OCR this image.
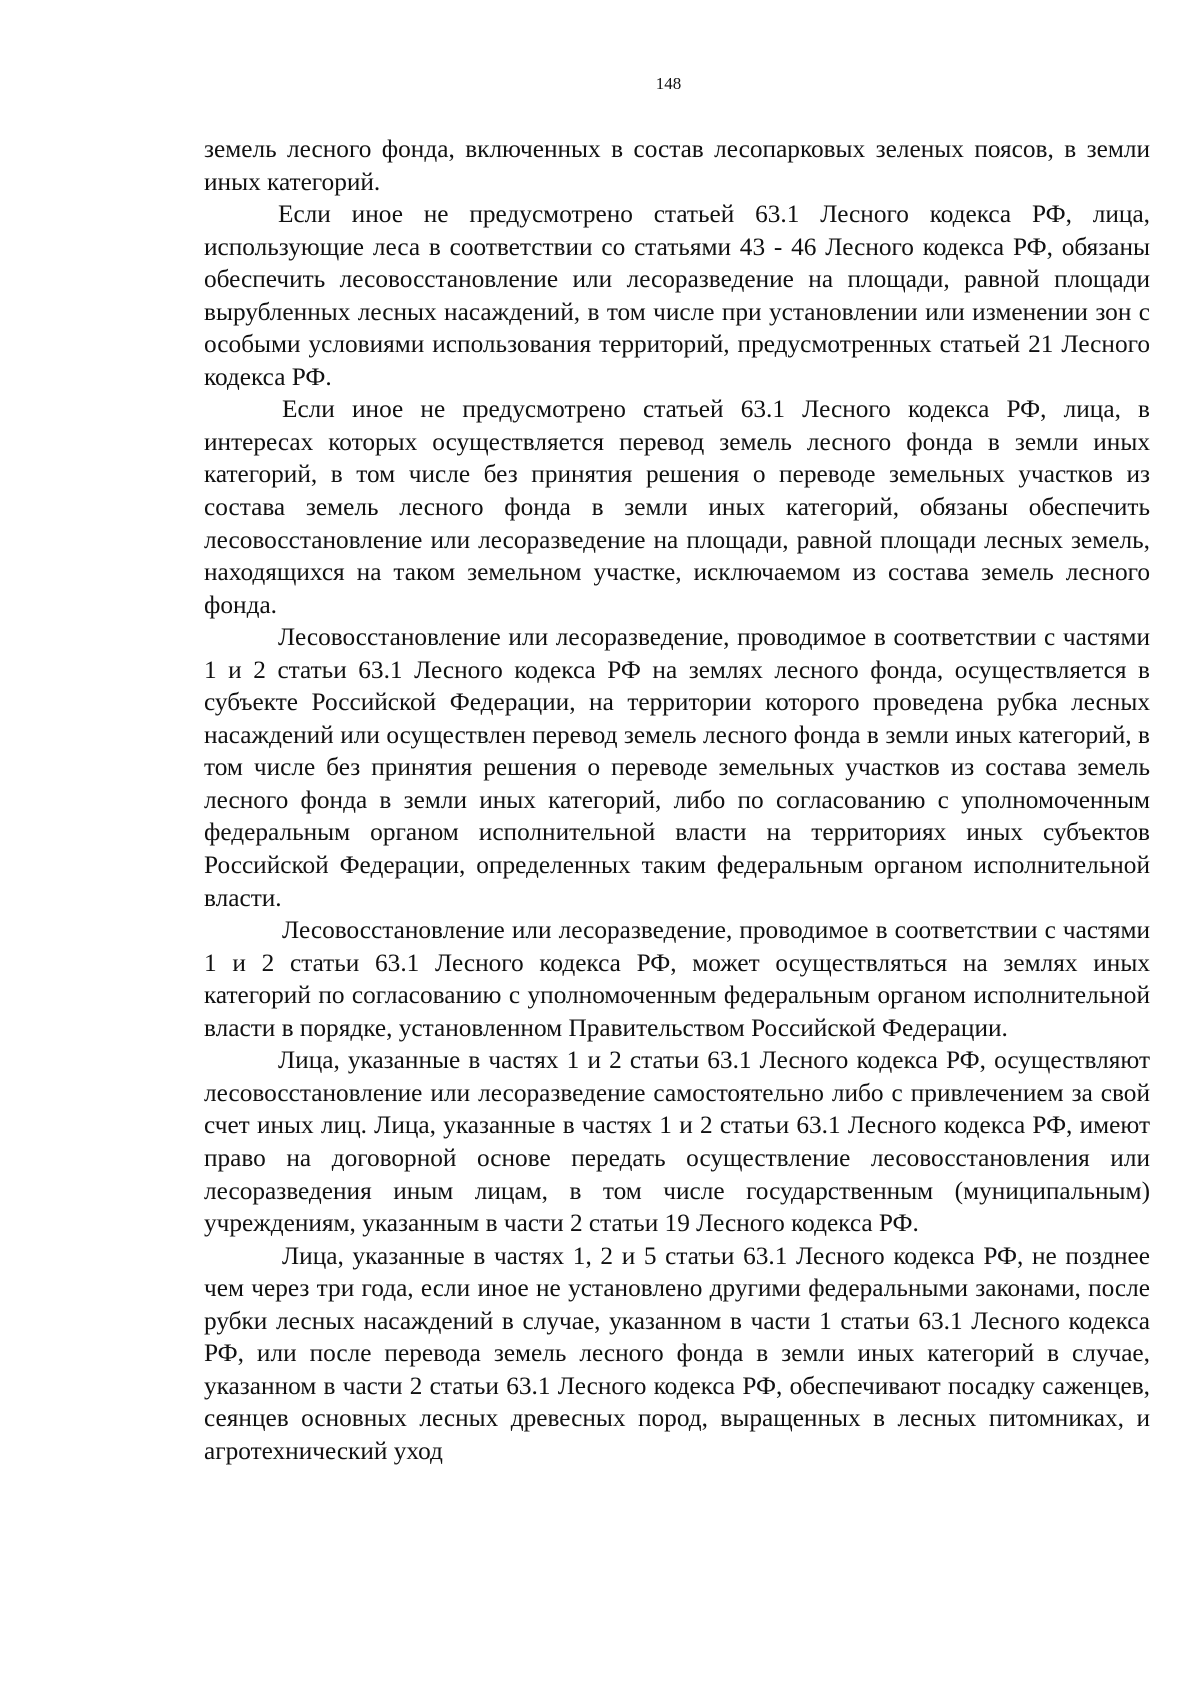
148

земель лесного фонда, включенных в состав лесопарковых зеленых поясов, в земли иных категорий.

Если иное не предусмотрено статьей 63.1 Лесного кодекса РФ, лица, использующие леса в соответствии со статьями 43 - 46 Лесного кодекса РФ, обязаны обеспечить лесовосстановление или лесоразведение на площади, равной площади вырубленных лесных насаждений, в том числе при установлении или изменении зон с особыми условиями использования территорий, предусмотренных статьей 21 Лесного кодекса РФ.

Если иное не предусмотрено статьей 63.1 Лесного кодекса РФ, лица, в интересах которых осуществляется перевод земель лесного фонда в земли иных категорий, в том числе без принятия решения о переводе земельных участков из состава земель лесного фонда в земли иных категорий, обязаны обеспечить лесовосстановление или лесоразведение на площади, равной площади лесных земель, находящихся на таком земельном участке, исключаемом из состава земель лесного фонда.

Лесовосстановление или лесоразведение, проводимое в соответствии с частями 1 и 2 статьи 63.1 Лесного кодекса РФ на землях лесного фонда, осуществляется в субъекте Российской Федерации, на территории которого проведена рубка лесных насаждений или осуществлен перевод земель лесного фонда в земли иных категорий, в том числе без принятия решения о переводе земельных участков из состава земель лесного фонда в земли иных категорий, либо по согласованию с уполномоченным федеральным органом исполнительной власти на территориях иных субъектов Российской Федерации, определенных таким федеральным органом исполнительной власти.

Лесовосстановление или лесоразведение, проводимое в соответствии с частями 1 и 2 статьи 63.1 Лесного кодекса РФ, может осуществляться на землях иных категорий по согласованию с уполномоченным федеральным органом исполнительной власти в порядке, установленном Правительством Российской Федерации.

Лица, указанные в частях 1 и 2 статьи 63.1 Лесного кодекса РФ, осуществляют лесовосстановление или лесоразведение самостоятельно либо с привлечением за свой счет иных лиц. Лица, указанные в частях 1 и 2 статьи 63.1 Лесного кодекса РФ, имеют право на договорной основе передать осуществление лесовосстановления или лесоразведения иным лицам, в том числе государственным (муниципальным) учреждениям, указанным в части 2 статьи 19 Лесного кодекса РФ.

Лица, указанные в частях 1, 2 и 5 статьи 63.1 Лесного кодекса РФ, не позднее чем через три года, если иное не установлено другими федеральными законами, после рубки лесных насаждений в случае, указанном в части 1 статьи 63.1 Лесного кодекса РФ, или после перевода земель лесного фонда в земли иных категорий в случае, указанном в части 2 статьи 63.1 Лесного кодекса РФ, обеспечивают посадку саженцев, сеянцев основных лесных древесных пород, выращенных в лесных питомниках, и агротехнический уход
